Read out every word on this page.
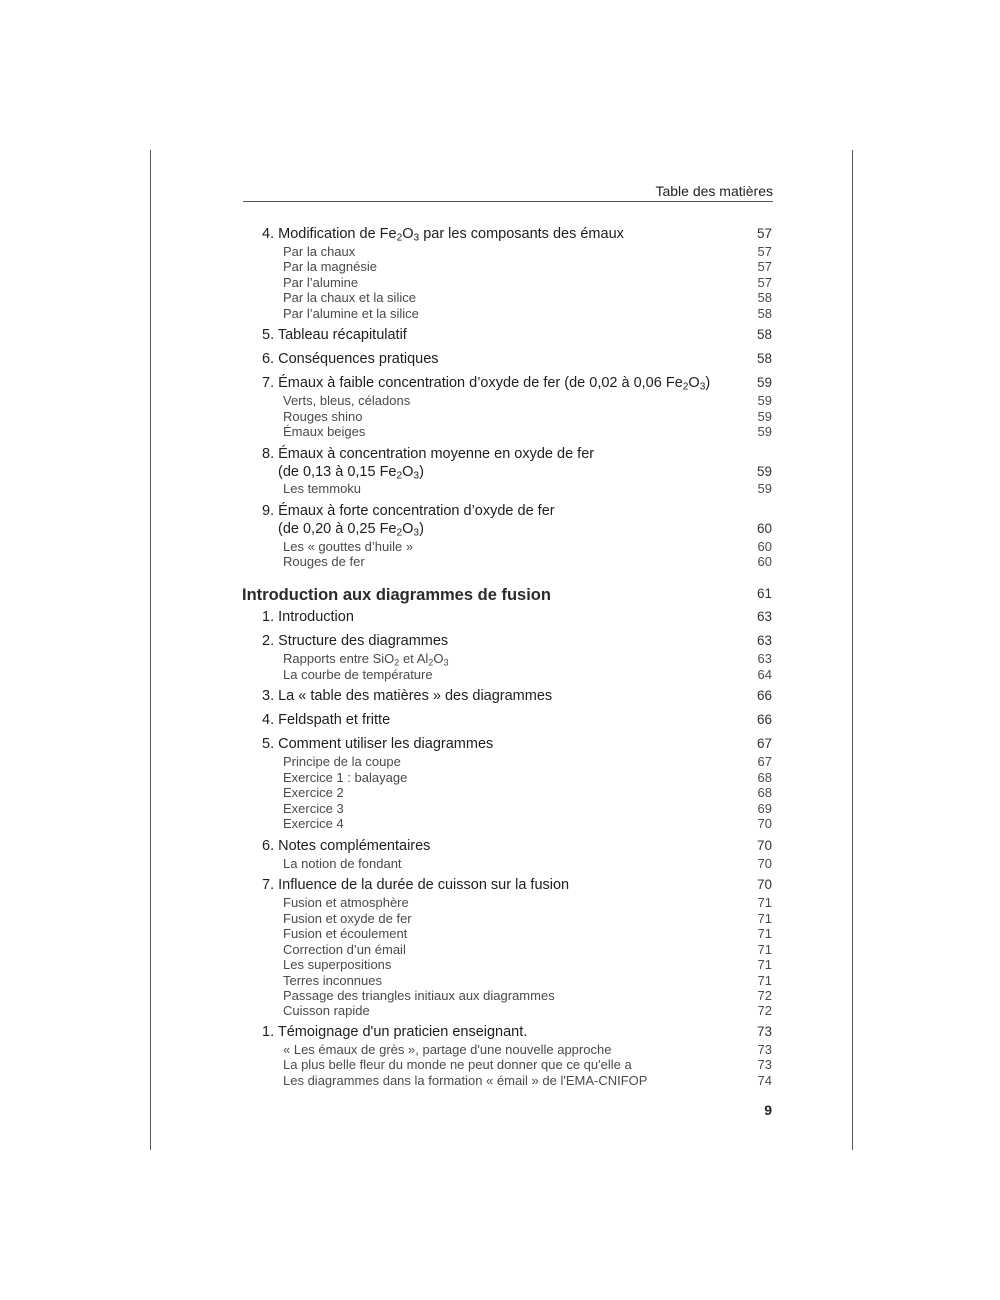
Table des matières
4. Modification de $Fe_2O_3$ par les composants des émaux	57
Par la chaux	57
Par la magnésie	57
Par l’alumine	57
Par la chaux et la silice	58
Par l’alumine et la silice	58
5. Tableau récapitulatif	58
6. Conséquences pratiques	58
7. Émaux à faible concentration d’oxyde de fer (de 0,02 à 0,06 $Fe_2O_3$)	59
Verts, bleus, céladons	59
Rouges shino	59
Émaux beiges	59
8. Émaux à concentration moyenne en oxyde de fer
(de 0,13 à 0,15 $Fe_2O_3$)	59
Les temmoku	59
9. Émaux à forte concentration d’oxyde de fer
(de 0,20 à 0,25 $Fe_2O_3$)	60
Les « gouttes d’huile »	60
Rouges de fer	60
Introduction aux diagrammes de fusion	61
1. Introduction	63
2. Structure des diagrammes	63
Rapports entre SiO$_2$ et $Al_2O_3$	63
La courbe de température	64
3. La « table des matières » des diagrammes	66
4. Feldspath et fritte	66
5. Comment utiliser les diagrammes	67
Principe de la coupe	67
Exercice 1 : balayage	68
Exercice 2	68
Exercice 3	69
Exercice 4	70
6. Notes complémentaires	70
La notion de fondant	70
7. Influence de la durée de cuisson sur la fusion	70
Fusion et atmosphère	71
Fusion et oxyde de fer	71
Fusion et écoulement	71
Correction d’un émail	71
Les superpositions	71
Terres inconnues	71
Passage des triangles initiaux aux diagrammes	72
Cuisson rapide	72
1. Témoignage d'un praticien enseignant.	73
« Les émaux de grès », partage d'une nouvelle approche	73
La plus belle fleur du monde ne peut donner que ce qu'elle a	73
Les diagrammes dans la formation « émail » de l'EMA-CNIFOP	74
9
